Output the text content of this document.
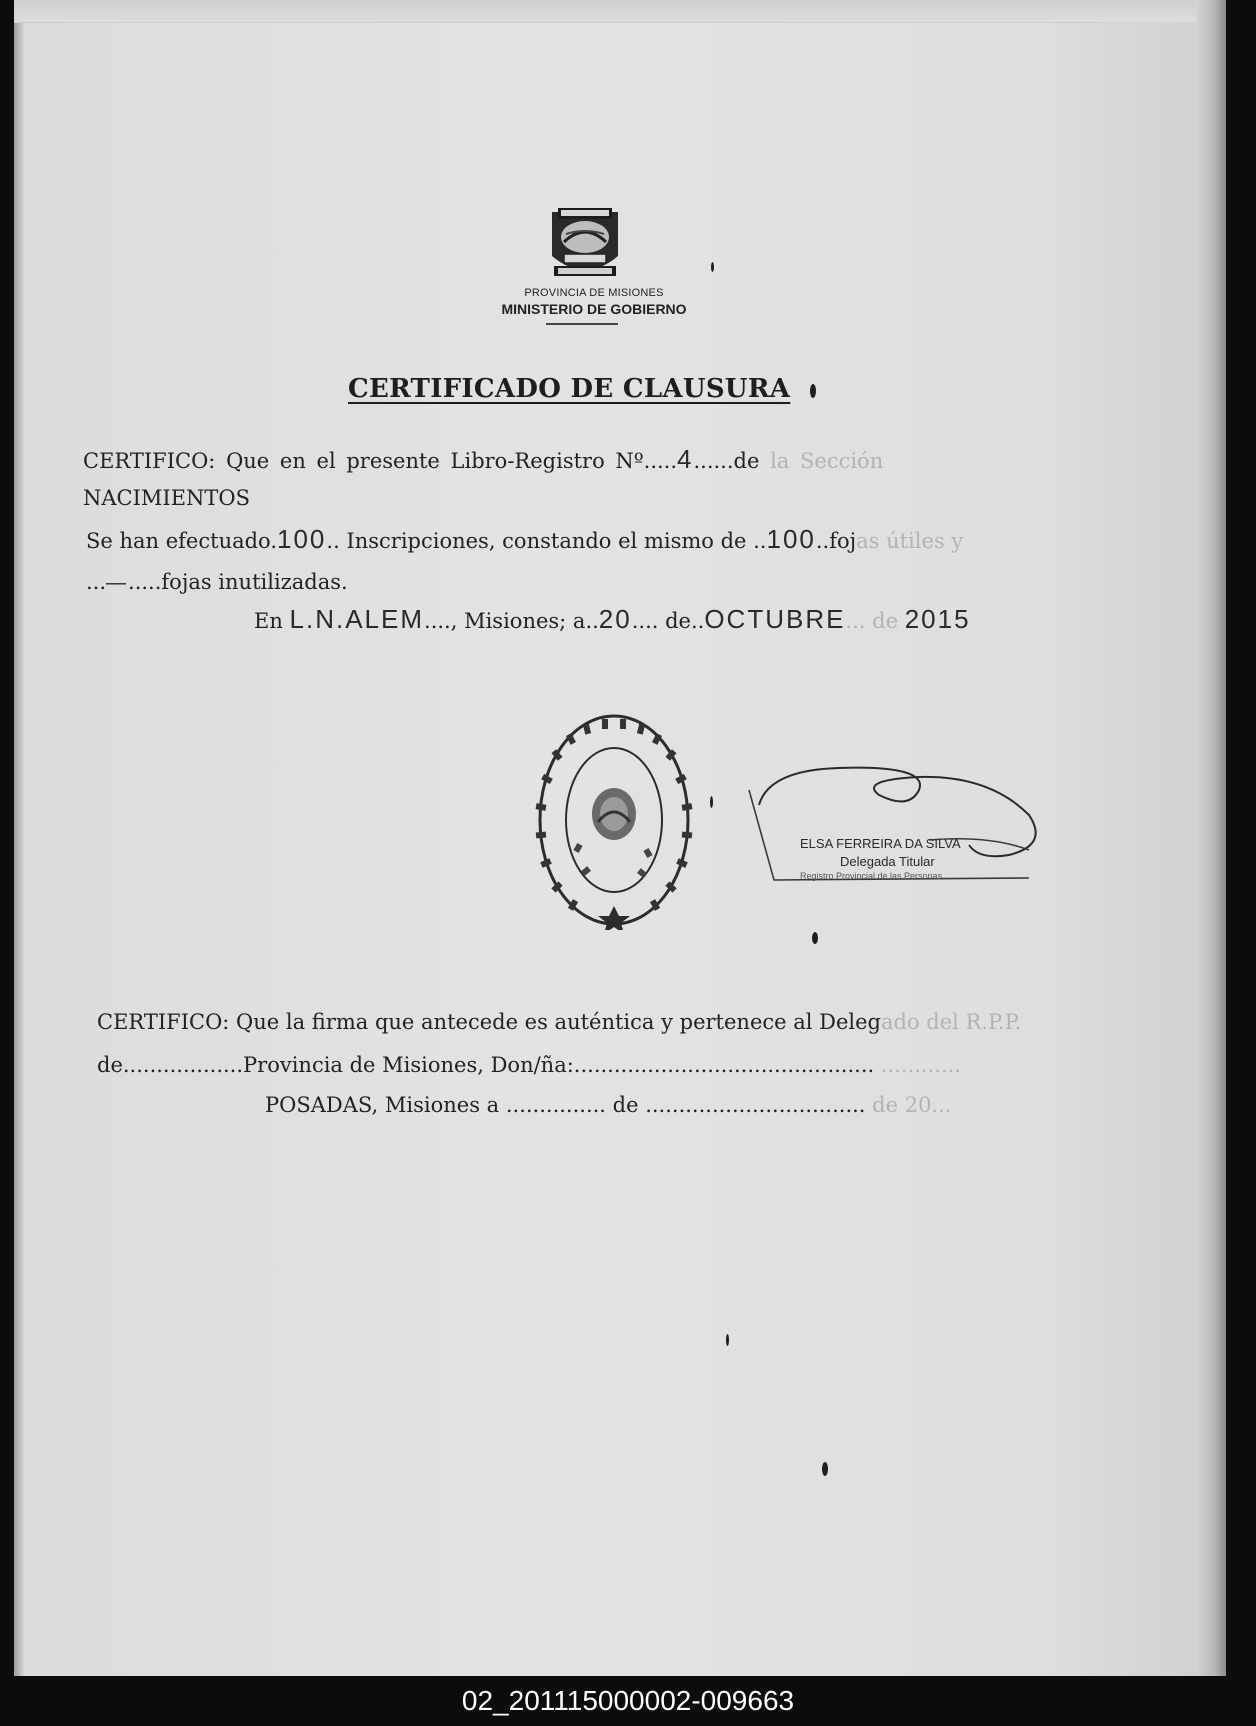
PROVINCIA DE MISIONES
MINISTERIO DE GOBIERNO
CERTIFICADO DE CLAUSURA
CERTIFICO: Que en el presente Libro-Registro Nº.....4......de la Sección
NACIMIENTOS
Se han efectuado.100.. Inscripciones, constando el mismo de ..100..fojas útiles y
...—.....fojas inutilizadas.
En L.N.ALEM...., Misiones; a..20.... de..OCTUBRE... de 2015
ELSA FERREIRA DA SILVA
Delegada Titular
Registro Provincial de las Personas
CERTIFICO: Que la firma que antecede es auténtica y pertenece al Delegado del R.P.P.
de..................Provincia de Misiones, Don/ña:............................................. ............
POSADAS, Misiones a ............... de ................................. de 20...
02_201115000002-009663
